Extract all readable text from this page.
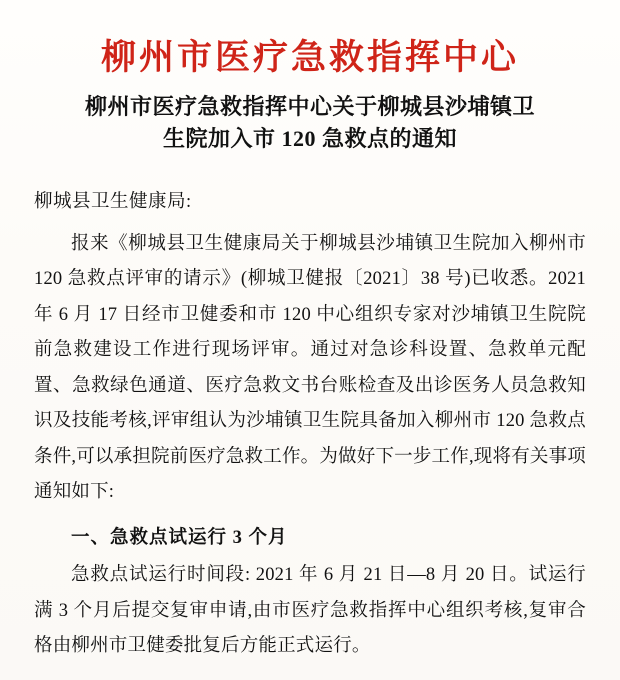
柳州市医疗急救指挥中心
柳州市医疗急救指挥中心关于柳城县沙埔镇卫
生院加入市 120 急救点的通知
柳城县卫生健康局:

报来《柳城县卫生健康局关于柳城县沙埔镇卫生院加入柳州市 120 急救点评审的请示》(柳城卫健报〔2021〕38 号)已收悉。2021 年 6 月 17 日经市卫健委和市 120 中心组织专家对沙埔镇卫生院院前急救建设工作进行现场评审。通过对急诊科设置、急救单元配置、急救绿色通道、医疗急救文书台账检查及出诊医务人员急救知识及技能考核,评审组认为沙埔镇卫生院具备加入柳州市 120 急救点条件,可以承担院前医疗急救工作。为做好下一步工作,现将有关事项通知如下:

一、急救点试运行 3 个月

急救点试运行时间段: 2021 年 6 月 21 日—8 月 20 日。试运行满 3 个月后提交复审申请,由市医疗急救指挥中心组织考核,复审合格由柳州市卫健委批复后方能正式运行。
